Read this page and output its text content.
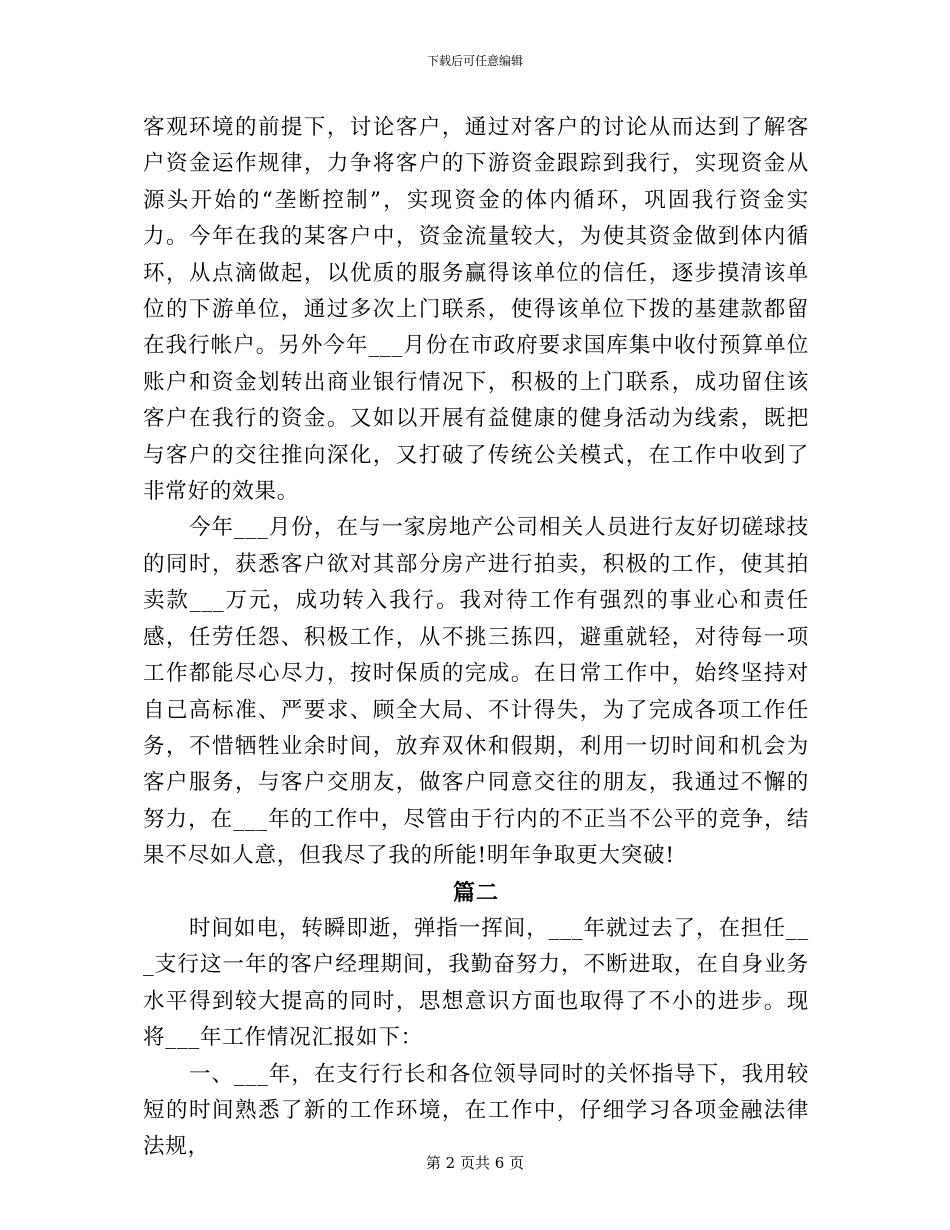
下载后可任意编辑

客观环境的前提下，讨论客户，通过对客户的讨论从而达到了解客户资金运作规律，力争将客户的下游资金跟踪到我行，实现资金从源头开始的“垄断控制”，实现资金的体内循环，巩固我行资金实力。今年在我的某客户中，资金流量较大，为使其资金做到体内循环，从点滴做起，以优质的服务赢得该单位的信任，逐步摸清该单位的下游单位，通过多次上门联系，使得该单位下拨的基建款都留在我行帐户。另外今年___月份在市政府要求国库集中收付预算单位账户和资金划转出商业银行情况下，积极的上门联系，成功留住该客户在我行的资金。又如以开展有益健康的健身活动为线索，既把与客户的交往推向深化，又打破了传统公关模式，在工作中收到了非常好的效果。

今年___月份，在与一家房地产公司相关人员进行友好切磋球技的同时，获悉客户欲对其部分房产进行拍卖，积极的工作，使其拍卖款___万元，成功转入我行。我对待工作有强烈的事业心和责任感，任劳任怨、积极工作，从不挑三拣四，避重就轻，对待每一项工作都能尽心尽力，按时保质的完成。在日常工作中，始终坚持对自己高标准、严要求、顾全大局、不计得失，为了完成各项工作任务，不惜牺牲业余时间，放弃双休和假期，利用一切时间和机会为客户服务，与客户交朋友，做客户同意交往的朋友，我通过不懈的努力，在___年的工作中，尽管由于行内的不正当不公平的竞争，结果不尽如人意，但我尽了我的所能!明年争取更大突破!

篇二

时间如电，转瞬即逝，弹指一挥间，___年就过去了，在担任___支行这一年的客户经理期间，我勤奋努力，不断进取，在自身业务水平得到较大提高的同时，思想意识方面也取得了不小的进步。现将___年工作情况汇报如下：

一、___年，在支行行长和各位领导同时的关怀指导下，我用较短的时间熟悉了新的工作环境，在工作中，仔细学习各项金融法律法规，

第 2 页共 6 页
